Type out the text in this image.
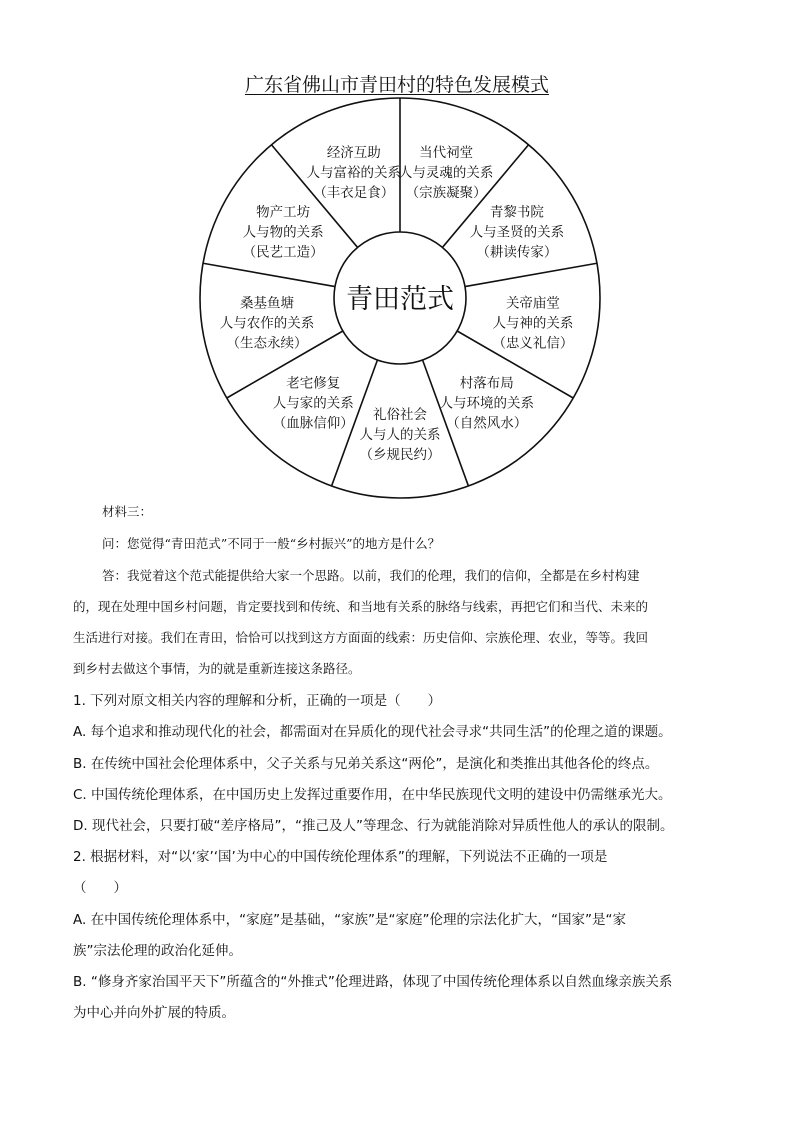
广东省佛山市青田村的特色发展模式
当代祠堂
人与灵魂的关系
（宗族凝聚）
青黎书院
人与圣贤的关系
（耕读传家）
关帝庙堂
人与神的关系
（忠义礼信）
村落布局
人与环境的关系
（自然风水）
礼俗社会
人与人的关系
（乡规民约）
老宅修复
人与家的关系
（血脉信仰）
桑基鱼塘
人与农作的关系
（生态永续）
物产工坊
人与物的关系
（民艺工造）
经济互助
人与富裕的关系
（丰衣足食）
青田范式
材料三：
问：您觉得“青田范式”不同于一般“乡村振兴”的地方是什么？
答：我觉着这个范式能提供给大家一个思路。以前，我们的伦理，我们的信仰，全都是在乡村构建
的，现在处理中国乡村问题，肯定要找到和传统、和当地有关系的脉络与线索，再把它们和当代、未来的
生活进行对接。我们在青田，恰恰可以找到这方方面面的线索：历史信仰、宗族伦理、农业，等等。我回
到乡村去做这个事情，为的就是重新连接这条路径。
1. 下列对原文相关内容的理解和分析，正确的一项是（　　）
A. 每个追求和推动现代化的社会，都需面对在异质化的现代社会寻求“共同生活”的伦理之道的课题。
B. 在传统中国社会伦理体系中，父子关系与兄弟关系这“两伦”，是演化和类推出其他各伦的终点。
C. 中国传统伦理体系，在中国历史上发挥过重要作用，在中华民族现代文明的建设中仍需继承光大。
D. 现代社会，只要打破“差序格局”，“推己及人”等理念、行为就能消除对异质性他人的承认的限制。
2. 根据材料，对“以‘家’‘国’为中心的中国传统伦理体系”的理解，下列说法不正确的一项是
（　　）
A. 在中国传统伦理体系中，“家庭”是基础，“家族”是“家庭”伦理的宗法化扩大，“国家”是“家
族”宗法伦理的政治化延伸。
B. “修身齐家治国平天下”所蕴含的“外推式”伦理进路，体现了中国传统伦理体系以自然血缘亲族关系
为中心并向外扩展的特质。
